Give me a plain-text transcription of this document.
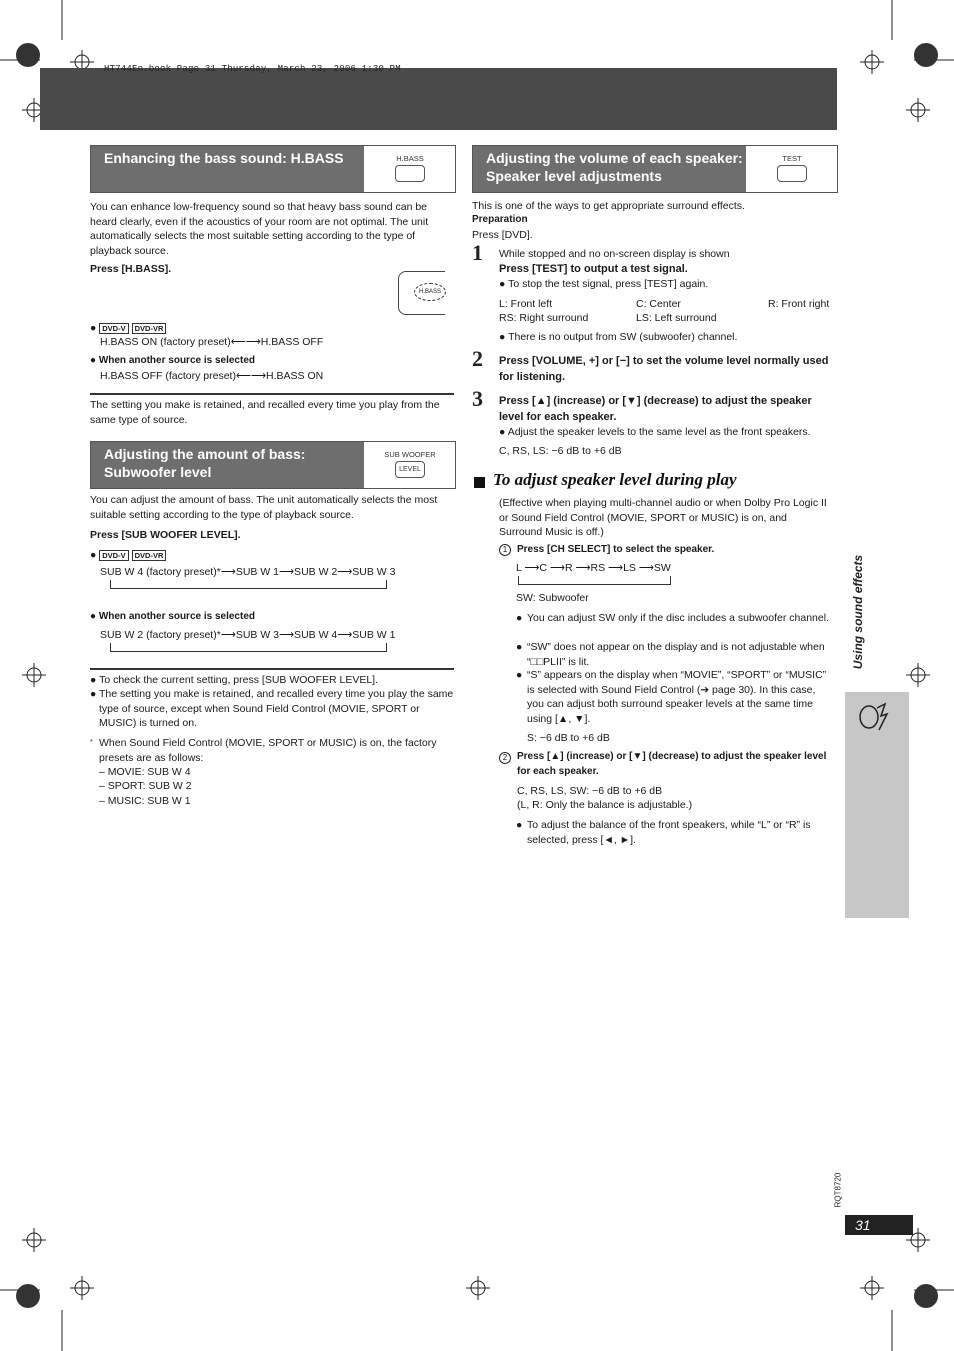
HT744En.book Page 31 Thursday, March 23, 2006 1:30 PM
Enhancing the bass sound: H.BASS	H.BASS
You can enhance low-frequency sound so that heavy bass sound can be heard clearly, even if the acoustics of your room are not optimal. The unit automatically selects the most suitable setting according to the type of playback source.
Press [H.BASS].
H.BASS
● DVD-V DVD-VR
H.BASS ON (factory preset)⟵⟶H.BASS OFF
● When another source is selected
H.BASS OFF (factory preset)⟵⟶H.BASS ON
The setting you make is retained, and recalled every time you play from the same type of source.
Adjusting the amount of bass: Subwoofer level
SUB WOOFER
LEVEL
You can adjust the amount of bass. The unit automatically selects the most suitable setting according to the type of playback source.
Press [SUB WOOFER LEVEL].
● DVD-V DVD-VR
SUB W 4 (factory preset)*⟶SUB W 1⟶SUB W 2⟶SUB W 3
● When another source is selected
SUB W 2 (factory preset)*⟶SUB W 3⟶SUB W 4⟶SUB W 1
● To check the current setting, press [SUB WOOFER LEVEL].
● The setting you make is retained, and recalled every time you play the same type of source, except when Sound Field Control (MOVIE, SPORT or MUSIC) is turned on.
* When Sound Field Control (MOVIE, SPORT or MUSIC) is on, the factory presets are as follows:
– MOVIE: SUB W 4
– SPORT: SUB W 2
– MUSIC: SUB W 1
Adjusting the volume of each speaker: Speaker level adjustments
TEST
This is one of the ways to get appropriate surround effects.
Preparation
Press [DVD].
1 While stopped and no on-screen display is shown
Press [TEST] to output a test signal.
● To stop the test signal, press [TEST] again.
L: Front left	C: Center	R: Front right
RS: Right surround	LS: Left surround
● There is no output from SW (subwoofer) channel.
2 Press [VOLUME, +] or [−] to set the volume level normally used for listening.
3 Press [▲] (increase) or [▼] (decrease) to adjust the speaker level for each speaker.
● Adjust the speaker levels to the same level as the front speakers.
C, RS, LS: −6 dB to +6 dB
To adjust speaker level during play
(Effective when playing multi-channel audio or when Dolby Pro Logic II or Sound Field Control (MOVIE, SPORT or MUSIC) is on, and Surround Music is off.)
1 Press [CH SELECT] to select the speaker.
L ⟶C ⟶R ⟶RS ⟶LS ⟶SW
SW: Subwoofer
● You can adjust SW only if the disc includes a subwoofer channel.
● “SW” does not appear on the display and is not adjustable when “□□PLII” is lit.
● “S” appears on the display when “MOVIE”, “SPORT” or “MUSIC” is selected with Sound Field Control (➔ page 30). In this case, you can adjust both surround speaker levels at the same time using [▲, ▼].
S: −6 dB to +6 dB
2 Press [▲] (increase) or [▼] (decrease) to adjust the speaker level for each speaker.
C, RS, LS, SW: −6 dB to +6 dB
(L, R: Only the balance is adjustable.)
● To adjust the balance of the front speakers, while “L” or “R” is selected, press [◄, ►].
Using sound effects
RQT8720
31
